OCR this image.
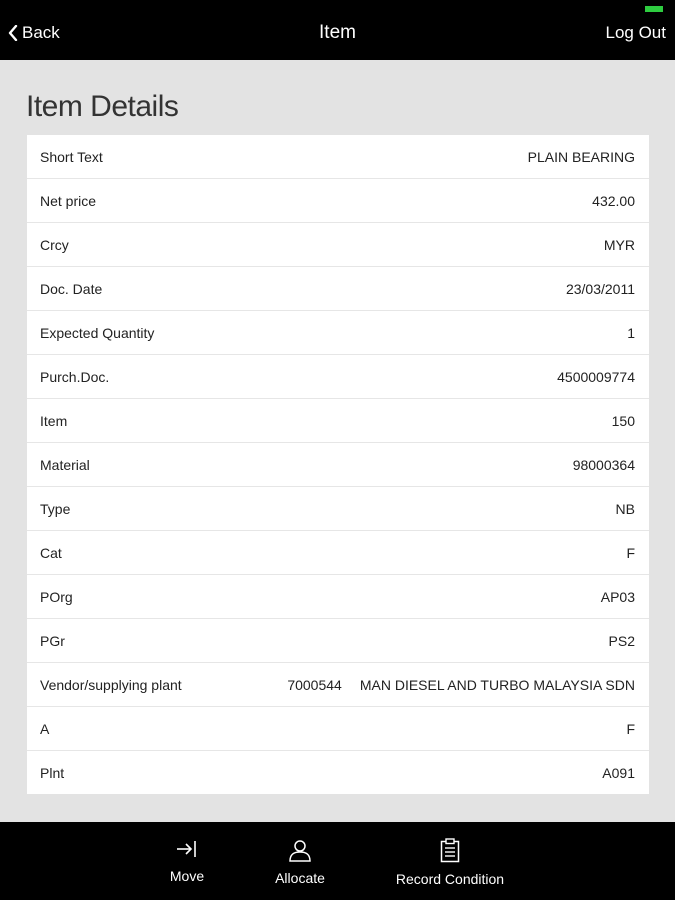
Back	Item	Log Out
Item Details
Short Text	PLAIN BEARING
Net price	432.00
Crcy	MYR
Doc. Date	23/03/2011
Expected Quantity	1
Purch.Doc.	4500009774
Item	150
Material	98000364
Type	NB
Cat	F
POrg	AP03
PGr	PS2
Vendor/supplying plant	7000544 MAN DIESEL AND TURBO MALAYSIA SDN
A	F
Plnt	A091
Move	Allocate	Record Condition
